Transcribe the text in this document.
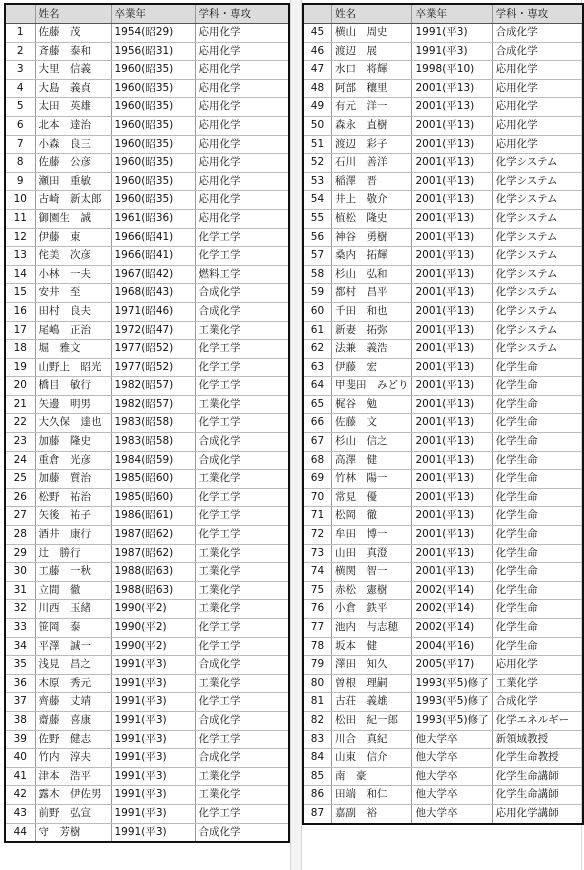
	姓名	卒業年	学科・専攻
1	佐藤　茂	1954(昭29)	応用化学
2	斉藤　泰和	1956(昭31)	応用化学
3	大里　信義	1960(昭35)	応用化学
4	大島　義貞	1960(昭35)	応用化学
5	太田　英雄	1960(昭35)	応用化学
6	北本　達治	1960(昭35)	応用化学
7	小森　良三	1960(昭35)	応用化学
8	佐藤　公彦	1960(昭35)	応用化学
9	瀬田　重敏	1960(昭35)	応用化学
10	古崎　新太郎	1960(昭35)	応用化学
11	御園生　誠	1961(昭36)	応用化学
12	伊藤　東	1966(昭41)	化学工学
13	侘美　次彦	1966(昭41)	化学工学
14	小林　一夫	1967(昭42)	燃料工学
15	安井　至	1968(昭43)	合成化学
16	田村　良夫	1971(昭46)	合成化学
17	尾嶋　正治	1972(昭47)	工業化学
18	堀　雅文	1977(昭52)	化学工学
19	山野上　昭光	1977(昭52)	化学工学
20	橋目　敏行	1982(昭57)	化学工学
21	矢邊　明男	1982(昭57)	工業化学
22	大久保　達也	1983(昭58)	化学工学
23	加藤　隆史	1983(昭58)	合成化学
24	重倉　光彦	1984(昭59)	合成化学
25	加藤　質治	1985(昭60)	工業化学
26	松野　祐治	1985(昭60)	化学工学
27	矢後　祐子	1986(昭61)	化学工学
28	酒井　康行	1987(昭62)	化学工学
29	辻　勝行	1987(昭62)	工業化学
30	工藤　一秋	1988(昭63)	工業化学
31	立間　徹	1988(昭63)	工業化学
32	川西　玉緒	1990(平2)	工業化学
33	笹岡　泰	1990(平2)	化学工学
34	平澤　誠一	1990(平2)	化学工学
35	浅見　昌之	1991(平3)	合成化学
36	木原　秀元	1991(平3)	工業化学
37	齊藤　丈靖	1991(平3)	化学工学
38	齋藤　喜康	1991(平3)	合成化学
39	佐野　健志	1991(平3)	化学工学
40	竹内　淳夫	1991(平3)	合成化学
41	津本　浩平	1991(平3)	工業化学
42	露木　伊佐男	1991(平3)	工業化学
43	前野　弘宣	1991(平3)	化学工学
44	守　芳樹	1991(平3)	合成化学
	姓名	卒業年	学科・専攻
45	横山　周史	1991(平3)	合成化学
46	渡辺　展	1991(平3)	合成化学
47	水口　将輝	1998(平10)	応用化学
48	阿部　穰里	2001(平13)	応用化学
49	有元　洋一	2001(平13)	応用化学
50	森永　直樹	2001(平13)	応用化学
51	渡辺　彩子	2001(平13)	応用化学
52	石川　善洋	2001(平13)	化学システム
53	稲澤　晋	2001(平13)	化学システム
54	井上　敬介	2001(平13)	化学システム
55	植松　隆史	2001(平13)	化学システム
56	神谷　勇樹	2001(平13)	化学システム
57	桑内　拓輝	2001(平13)	化学システム
58	杉山　弘和	2001(平13)	化学システム
59	都村　昌平	2001(平13)	化学システム
60	千田　和也	2001(平13)	化学システム
61	新妻　拓弥	2001(平13)	化学システム
62	法兼　義浩	2001(平13)	化学システム
63	伊藤　宏	2001(平13)	化学生命
64	甲斐田　みどり	2001(平13)	化学生命
65	梶谷　勉	2001(平13)	化学生命
66	佐藤　文	2001(平13)	化学生命
67	杉山　信之	2001(平13)	化学生命
68	高澤　健	2001(平13)	化学生命
69	竹林　陽一	2001(平13)	化学生命
70	常見　優	2001(平13)	化学生命
71	松岡　徹	2001(平13)	化学生命
72	牟田　博一	2001(平13)	化学生命
73	山田　真澄	2001(平13)	化学生命
74	横関　智一	2001(平13)	化学生命
75	赤松　憲樹	2002(平14)	化学生命
76	小倉　鉄平	2002(平14)	化学生命
77	池内　与志穂	2002(平14)	化学生命
78	坂本　健	2004(平16)	化学生命
79	澤田　知久	2005(平17)	応用化学
80	曽根　理嗣	1993(平5)修了	工業化学
81	古荘　義雄	1993(平5)修了	合成化学
82	松田　紀一郎	1993(平5)修了	化学エネルギー
83	川合　真紀	他大学卒	新領域教授
84	山東　信介	他大学卒	化学生命教授
85	南　豪	他大学卒	化学生命講師
86	田端　和仁	他大学卒	化学生命講師
87	嘉副　裕	他大学卒	応用化学講師
